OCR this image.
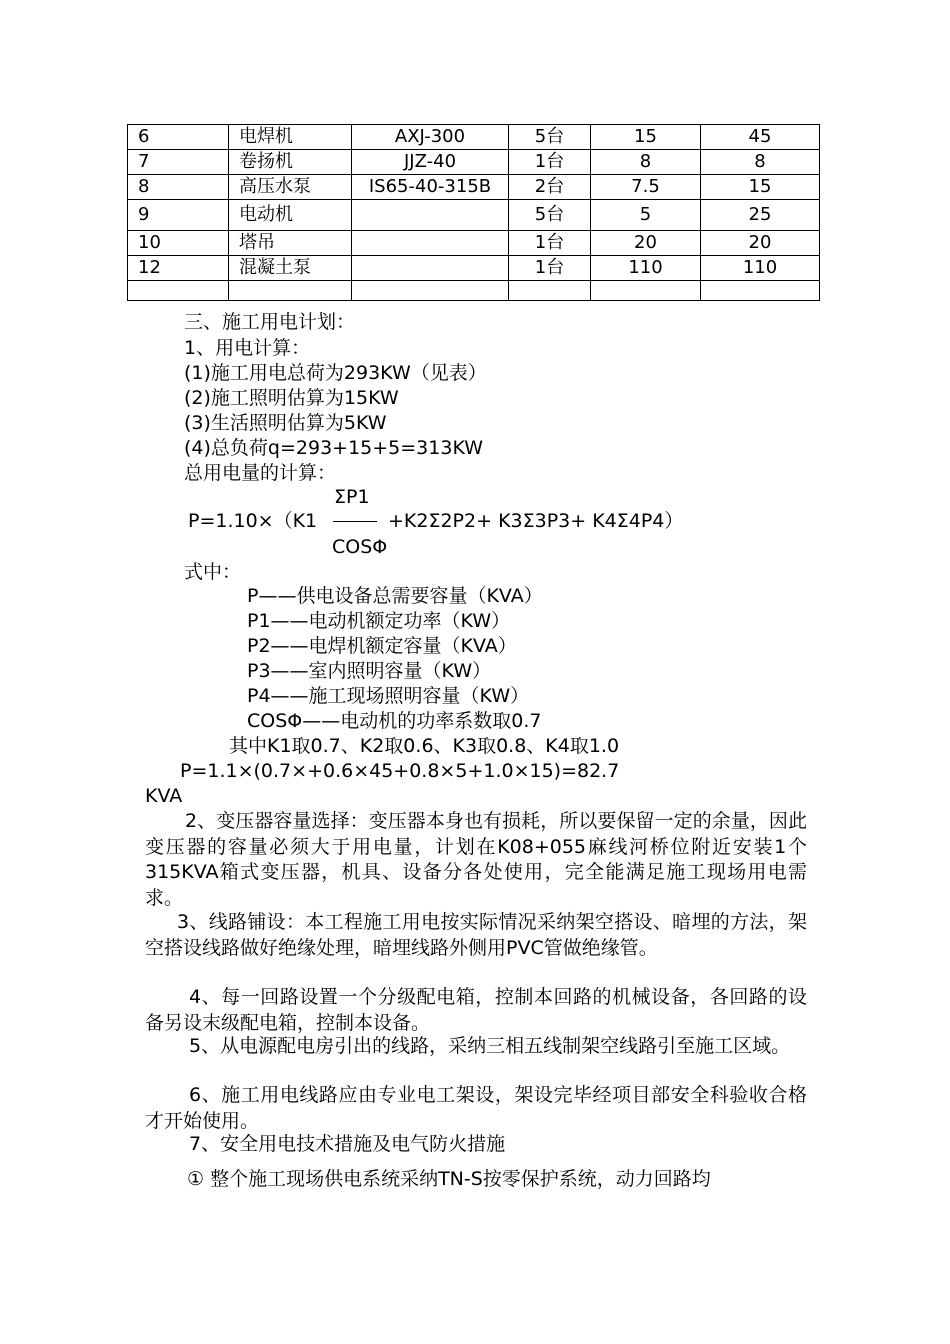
6	电焊机	AXJ-300	5台	15	45
7	卷扬机	JJZ-40	1台	8	8
8	高压水泵	IS65-40-315B	2台	7.5	15
9	电动机		5台	5	25
10	塔吊		1台	20	20
12	混凝土泵		1台	110	110

三、施工用电计划：
1、用电计算：
(1)施工用电总荷为293KW（见表）
(2)施工照明估算为15KW
(3)生活照明估算为5KW
(4)总负荷q=293+15+5=313KW
总用电量的计算：
ΣP1
P=1.10×（K1	+K2Σ2P2+ K3Σ3P3+ K4Σ4P4）
COSΦ
式中：
P——供电设备总需要容量（KVA）
P1——电动机额定功率（KW）
P2——电焊机额定容量（KVA）
P3——室内照明容量（KW）
P4——施工现场照明容量（KW）
COSΦ——电动机的功率系数取0.7
其中K1取0.7、K2取0.6、K3取0.8、K4取1.0
P=1.1×(0.7×+0.6×45+0.8×5+1.0×15)=82.7
KVA
2、变压器容量选择：变压器本身也有损耗，所以要保留一定的余量，因此变压器的容量必须大于用电量，计划在K08+055麻线河桥位附近安装1个315KVA箱式变压器，机具、设备分各处使用，完全能满足施工现场用电需求。
3、线路铺设：本工程施工用电按实际情况采纳架空搭设、暗埋的方法，架空搭设线路做好绝缘处理，暗埋线路外侧用PVC管做绝缘管。
4、每一回路设置一个分级配电箱，控制本回路的机械设备，各回路的设备另设末级配电箱，控制本设备。
5、从电源配电房引出的线路，采纳三相五线制架空线路引至施工区域。
6、施工用电线路应由专业电工架设，架设完毕经项目部安全科验收合格才开始使用。
7、安全用电技术措施及电气防火措施
① 整个施工现场供电系统采纳TN-S按零保护系统，动力回路均
